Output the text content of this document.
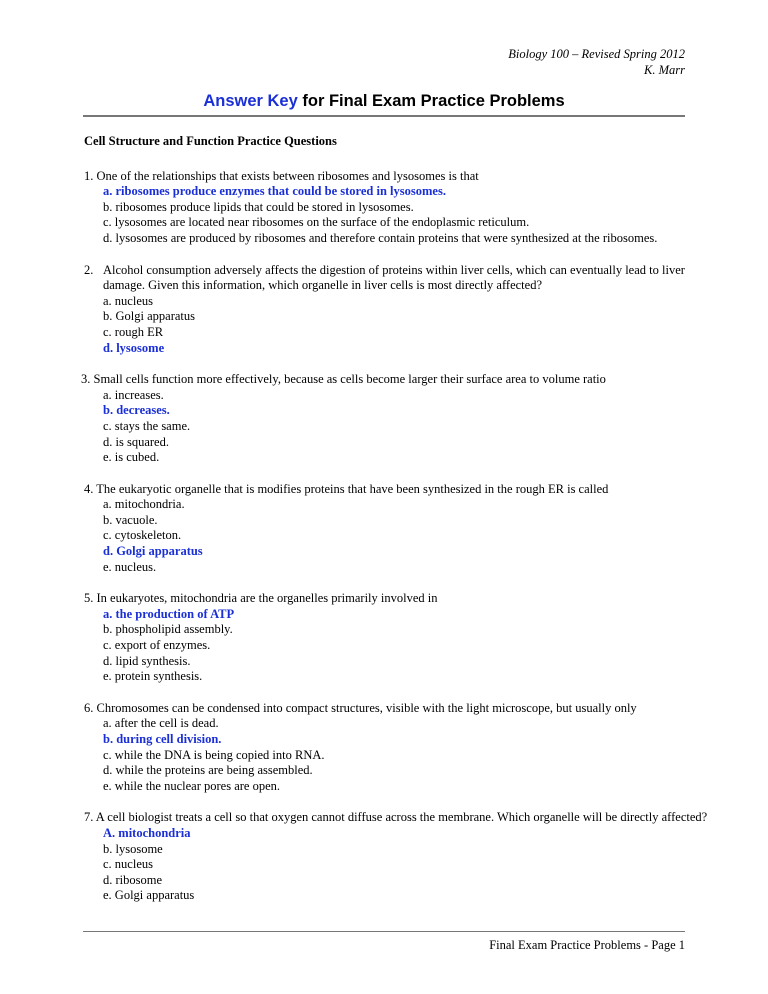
Biology 100 – Revised Spring 2012
K. Marr
Answer Key for Final Exam Practice Problems
Cell Structure and Function Practice Questions
1. One of the relationships that exists between ribosomes and lysosomes is that
a. ribosomes produce enzymes that could be stored in lysosomes.
b. ribosomes produce lipids that could be stored in lysosomes.
c. lysosomes are located near ribosomes on the surface of the endoplasmic reticulum.
d. lysosomes are produced by ribosomes and therefore contain proteins that were synthesized at the ribosomes.
2. Alcohol consumption adversely affects the digestion of proteins within liver cells, which can eventually lead to liver damage. Given this information, which organelle in liver cells is most directly affected?
a. nucleus
b. Golgi apparatus
c. rough ER
d. lysosome
3. Small cells function more effectively, because as cells become larger their surface area to volume ratio
a. increases.
b. decreases.
c. stays the same.
d. is squared.
e. is cubed.
4. The eukaryotic organelle that is modifies proteins that have been synthesized in the rough ER is called
a. mitochondria.
b. vacuole.
c. cytoskeleton.
d. Golgi apparatus
e. nucleus.
5. In eukaryotes, mitochondria are the organelles primarily involved in
a. the production of ATP
b. phospholipid assembly.
c. export of enzymes.
d. lipid synthesis.
e. protein synthesis.
6. Chromosomes can be condensed into compact structures, visible with the light microscope, but usually only
a. after the cell is dead.
b. during cell division.
c. while the DNA is being copied into RNA.
d. while the proteins are being assembled.
e. while the nuclear pores are open.
7. A cell biologist treats a cell so that oxygen cannot diffuse across the membrane. Which organelle will be directly affected?
A. mitochondria
b. lysosome
c. nucleus
d. ribosome
e. Golgi apparatus
Final Exam Practice Problems - Page 1
